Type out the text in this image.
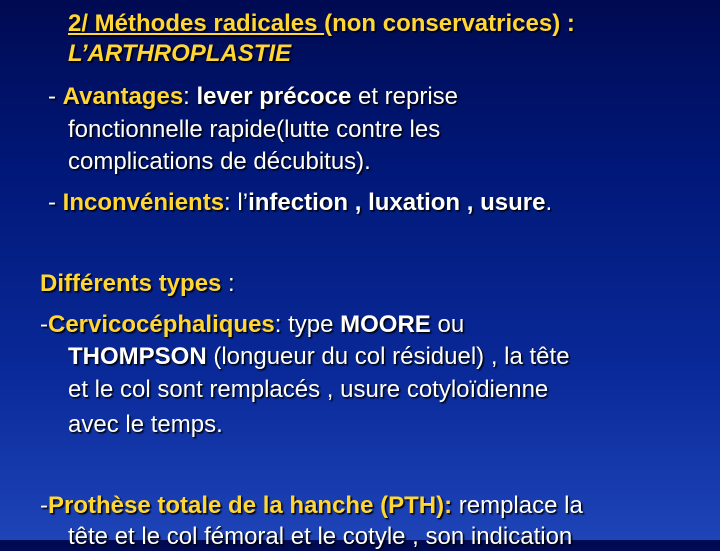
2/ Méthodes radicales (non conservatrices) :
L’ARTHROPLASTIE
- Avantages: lever précoce et reprise
fonctionnelle rapide(lutte contre les
complications de décubitus).
- Inconvénients: l’infection , luxation , usure.
Différents types :
-Cervicocéphaliques: type MOORE ou
THOMPSON (longueur du col résiduel) , la tête
et le col sont remplacés , usure cotyloïdienne
avec le temps.
-Prothèse totale de la hanche (PTH): remplace la
tête et le col fémoral et le cotyle , son indication
